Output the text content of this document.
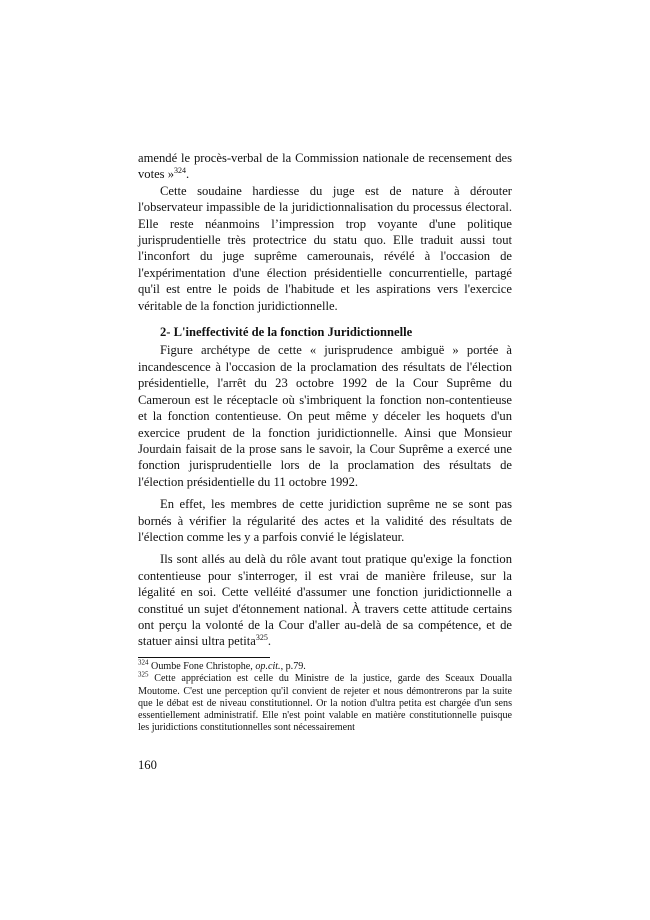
amendé le procès-verbal de la Commission nationale de recensement des votes »$^{324}$.

Cette soudaine hardiesse du juge est de nature à dérouter l'observateur impassible de la juridictionnalisation du processus électoral. Elle reste néanmoins l’impression trop voyante d'une politique jurisprudentielle très protectrice du statu quo. Elle traduit aussi tout l'inconfort du juge suprême camerounais, révélé à l'occasion de l'expérimentation d'une élection présidentielle concurrentielle, partagé qu'il est entre le poids de l'habitude et les aspirations vers l'exercice véritable de la fonction juridictionnelle.

2- L'ineffectivité de la fonction Juridictionnelle

Figure archétype de cette « jurisprudence ambiguë » portée à incandescence à l'occasion de la proclamation des résultats de l'élection présidentielle, l'arrêt du 23 octobre 1992 de la Cour Suprême du Cameroun est le réceptacle où s'imbriquent la fonction non-contentieuse et la fonction contentieuse. On peut même y déceler les hoquets d'un exercice prudent de la fonction juridictionnelle. Ainsi que Monsieur Jourdain faisait de la prose sans le savoir, la Cour Suprême a exercé une fonction jurisprudentielle lors de la proclamation des résultats de l'élection présidentielle du 11 octobre 1992.

En effet, les membres de cette juridiction suprême ne se sont pas bornés à vérifier la régularité des actes et la validité des résultats de l'élection comme les y a parfois convié le législateur.

Ils sont allés au delà du rôle avant tout pratique qu'exige la fonction contentieuse pour s'interroger, il est vrai de manière frileuse, sur la légalité en soi. Cette velléité d'assumer une fonction juridictionnelle a constitué un sujet d'étonnement national. À travers cette attitude certains ont perçu la volonté de la Cour d'aller au-delà de sa compétence, et de statuer ainsi ultra petita$^{325}$.

$^{324}$ Oumbe Fone Christophe, op.cit., p.79.

$^{325}$ Cette appréciation est celle du Ministre de la justice, garde des Sceaux Doualla Moutome. C'est une perception qu'il convient de rejeter et nous démontrerons par la suite que le débat est de niveau constitutionnel. Or la notion d'ultra petita est chargée d'un sens essentiellement administratif. Elle n'est point valable en matière constitutionnelle puisque les juridictions constitutionnelles sont nécessairement

160
